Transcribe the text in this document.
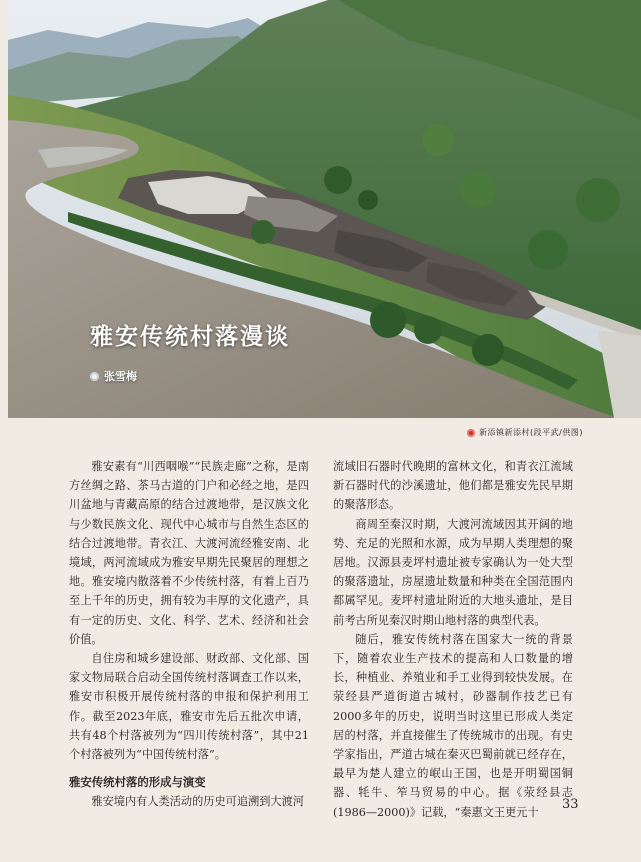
雅安传统村落漫谈
张雪梅
新添镇新添村(段平武/供图)

雅安素有“川西咽喉”“民族走廊”之称，是南方丝绸之路、茶马古道的门户和必经之地，是四川盆地与青藏高原的结合过渡地带，是汉族文化与少数民族文化、现代中心城市与自然生态区的结合过渡地带。青衣江、大渡河流经雅安南、北境域，两河流域成为雅安早期先民聚居的理想之地。雅安境内散落着不少传统村落，有着上百乃至上千年的历史，拥有较为丰厚的文化遗产，具有一定的历史、文化、科学、艺术、经济和社会价值。

自住房和城乡建设部、财政部、文化部、国家文物局联合启动全国传统村落调查工作以来，雅安市积极开展传统村落的申报和保护利用工作。截至2023年底，雅安市先后五批次申请，共有48个村落被列为“四川传统村落”，其中21个村落被列为“中国传统村落”。

雅安传统村落的形成与演变

雅安境内有人类活动的历史可追溯到大渡河

流域旧石器时代晚期的富林文化，和青衣江流域新石器时代的沙溪遗址，他们都是雅安先民早期的聚落形态。

商周至秦汉时期，大渡河流域因其开阔的地势、充足的光照和水源，成为早期人类理想的聚居地。汉源县麦坪村遗址被专家确认为一处大型的聚落遗址，房屋遗址数量和种类在全国范围内都属罕见。麦坪村遗址附近的大地头遗址，是目前考古所见秦汉时期山地村落的典型代表。

随后，雅安传统村落在国家大一统的背景下，随着农业生产技术的提高和人口数量的增长，种植业、养殖业和手工业得到较快发展。在荥经县严道街道古城村，砂器制作技艺已有2000多年的历史，说明当时这里已形成人类定居的村落，并直接催生了传统城市的出现。有史学家指出，严道古城在秦灭巴蜀前就已经存在，最早为楚人建立的岷山王国，也是开明蜀国铜器、牦牛、笮马贸易的中心。据《荥经县志(1986—2000)》记载，“秦惠文王更元十

33
